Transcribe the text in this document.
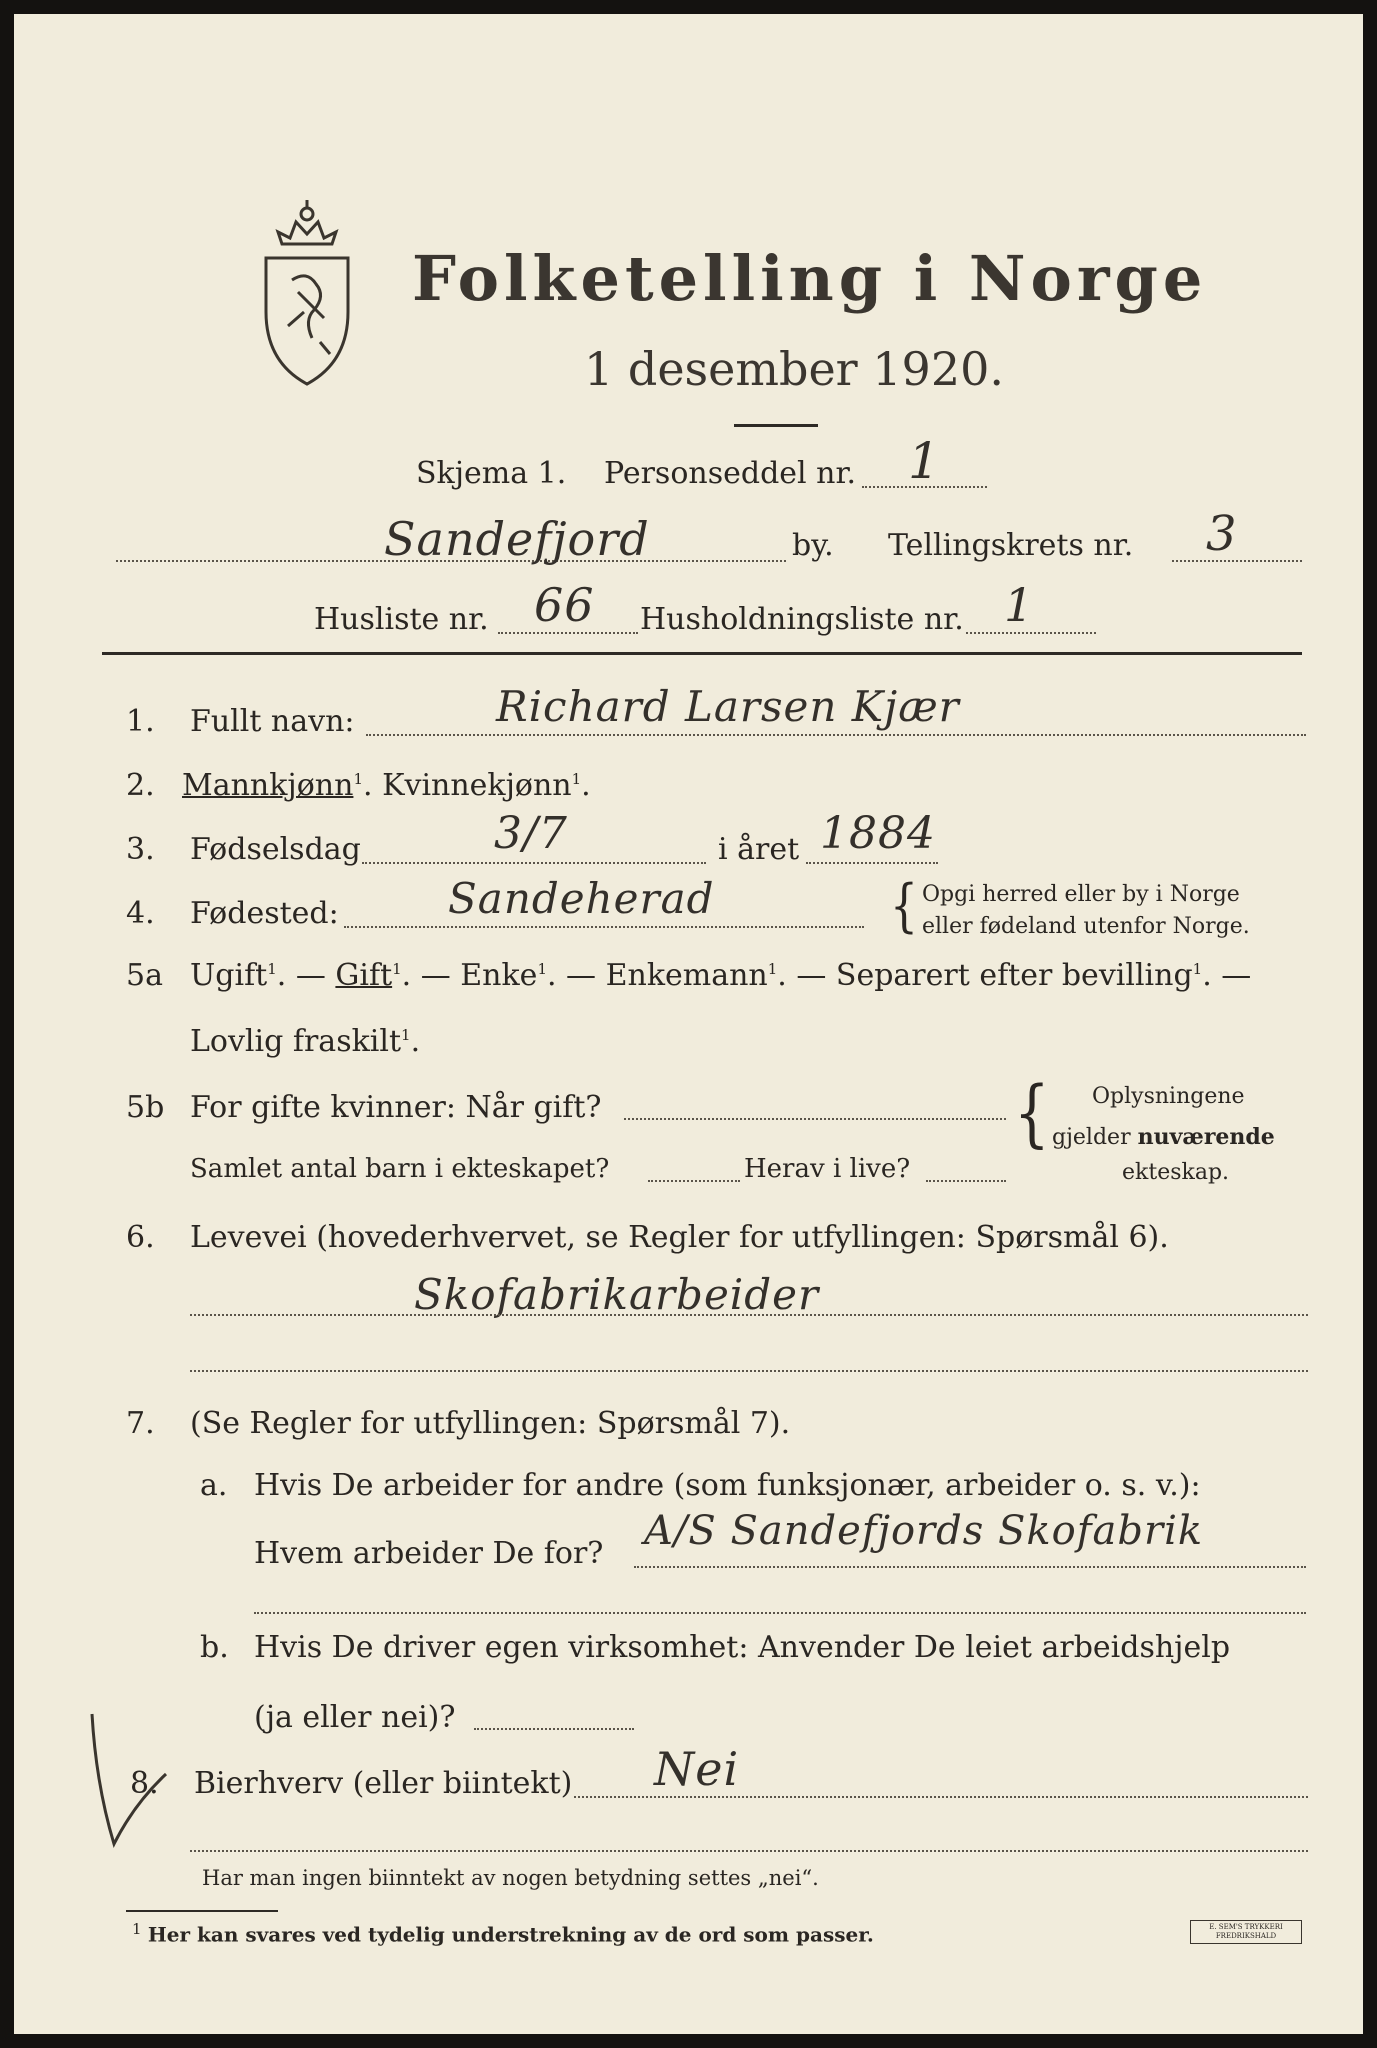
Folketelling i Norge
1 desember 1920.
Skjema 1. Personseddel nr. 1
Sandefjord	by. Tellingskrets nr. 3
Husliste nr. 66 Husholdningsliste nr. 1
1. Fullt navn:	Richard Larsen Kjær
2. Mannkjønn$^1$. Kvinnekjønn$^1$.
3. Fødselsdag	3/7	i året 1884
4. Fødested:	Sandeherad	{ Opgi herred eller by i Norge
eller fødeland utenfor Norge.
5a Ugift$^1$. — Gift$^1$. — Enke$^1$. — Enkemann$^1$. — Separert efter bevilling$^1$. —
Lovlig fraskilt$^1$.
5b For gifte kvinner: Når gift?
Samlet antal barn i ekteskapet?	Herav i live?
{ Oplysningene
gjelder nuværende
ekteskap.
6. Levevei (hovederhvervet, se Regler for utfyllingen: Spørsmål 6).
Skofabrikarbeider
7. (Se Regler for utfyllingen: Spørsmål 7).
a. Hvis De arbeider for andre (som funksjonær, arbeider o. s. v.):
Hvem arbeider De for? A/S Sandefjords Skofabrik
b. Hvis De driver egen virksomhet: Anvender De leiet arbeidshjelp
(ja eller nei)?
8. Bierhverv (eller biintekt) Nei
Har man ingen biinntekt av nogen betydning settes „nei“.
$^1$ Her kan svares ved tydelig understrekning av de ord som passer.	E. SEM'S TRYKKERI FREDRIKSHALD
